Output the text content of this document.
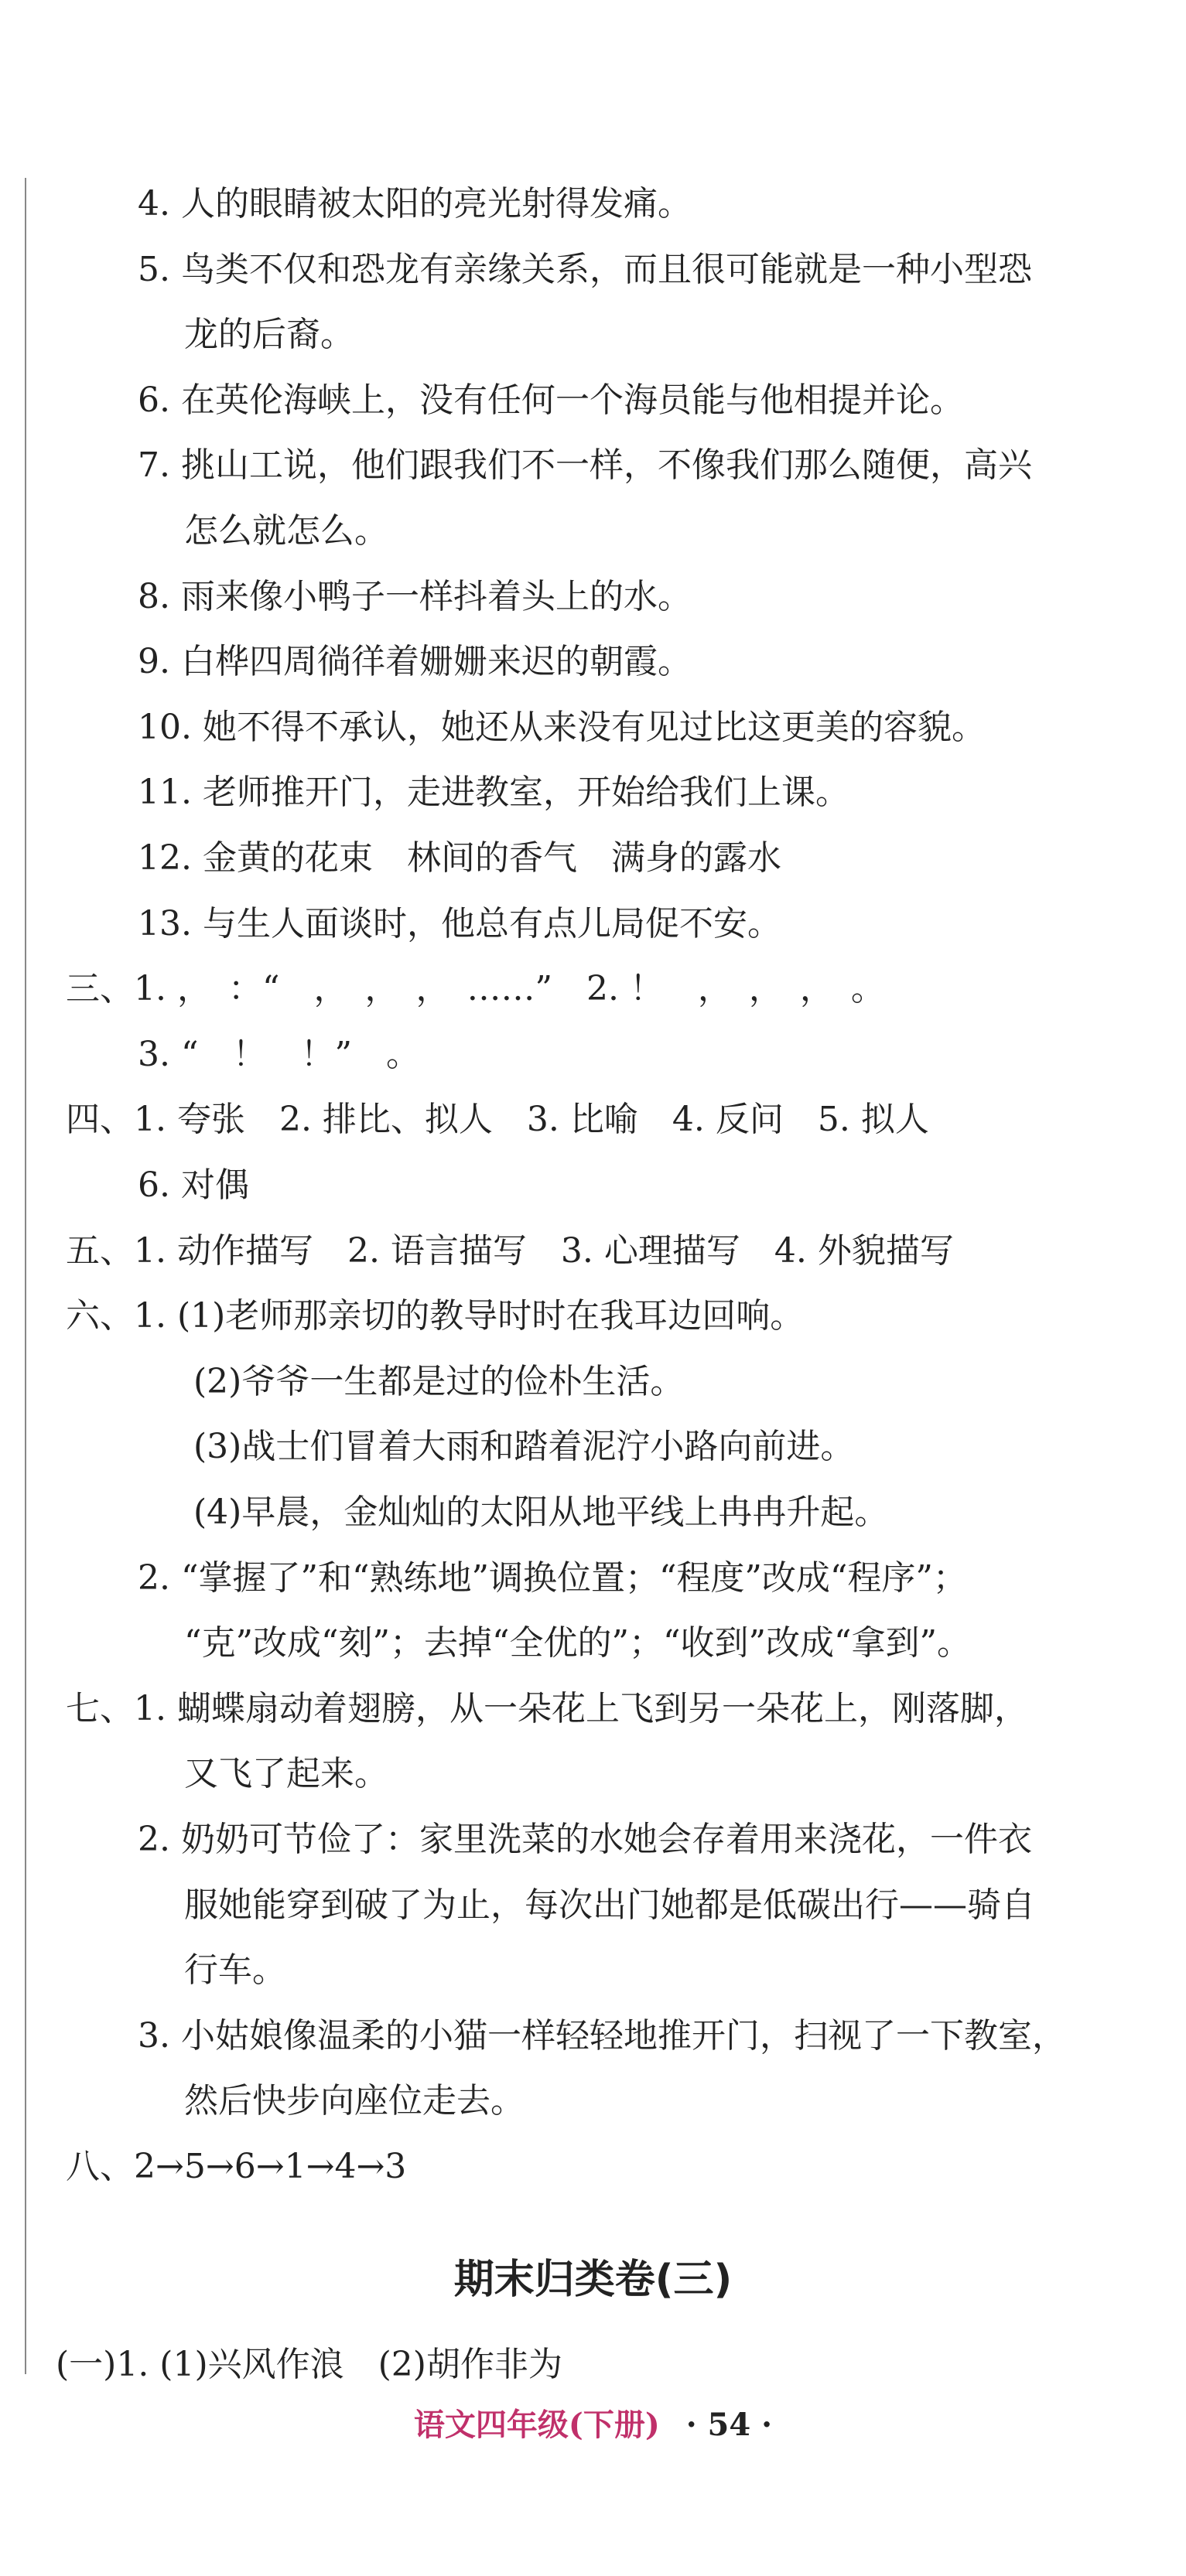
4. 人的眼睛被太阳的亮光射得发痛。
5. 鸟类不仅和恐龙有亲缘关系，而且很可能就是一种小型恐
龙的后裔。
6. 在英伦海峡上，没有任何一个海员能与他相提并论。
7. 挑山工说，他们跟我们不一样，不像我们那么随便，高兴
怎么就怎么。
8. 雨来像小鸭子一样抖着头上的水。
9. 白桦四周徜徉着姗姗来迟的朝霞。
10. 她不得不承认，她还从来没有见过比这更美的容貌。
11. 老师推开门，走进教室，开始给我们上课。
12. 金黄的花束　林间的香气　满身的露水
13. 与生人面谈时，他总有点儿局促不安。
三、1. ，　：“　，　，　，　……”　2. ！　，　，　，　。
3. “　！　！”　。
四、1. 夸张　2. 排比、拟人　3. 比喻　4. 反问　5. 拟人
6. 对偶
五、1. 动作描写　2. 语言描写　3. 心理描写　4. 外貌描写
六、1. (1)老师那亲切的教导时时在我耳边回响。
(2)爷爷一生都是过的俭朴生活。
(3)战士们冒着大雨和踏着泥泞小路向前进。
(4)早晨，金灿灿的太阳从地平线上冉冉升起。
2. “掌握了”和“熟练地”调换位置；“程度”改成“程序”；
“克”改成“刻”；去掉“全优的”；“收到”改成“拿到”。
七、1. 蝴蝶扇动着翅膀，从一朵花上飞到另一朵花上，刚落脚，
又飞了起来。
2. 奶奶可节俭了：家里洗菜的水她会存着用来浇花，一件衣
服她能穿到破了为止，每次出门她都是低碳出行——骑自
行车。
3. 小姑娘像温柔的小猫一样轻轻地推开门，扫视了一下教室，
然后快步向座位走去。
八、2→5→6→1→4→3
期末归类卷(三)
(一)1. (1)兴风作浪　(2)胡作非为
语文四年级(下册) · 54 ·
